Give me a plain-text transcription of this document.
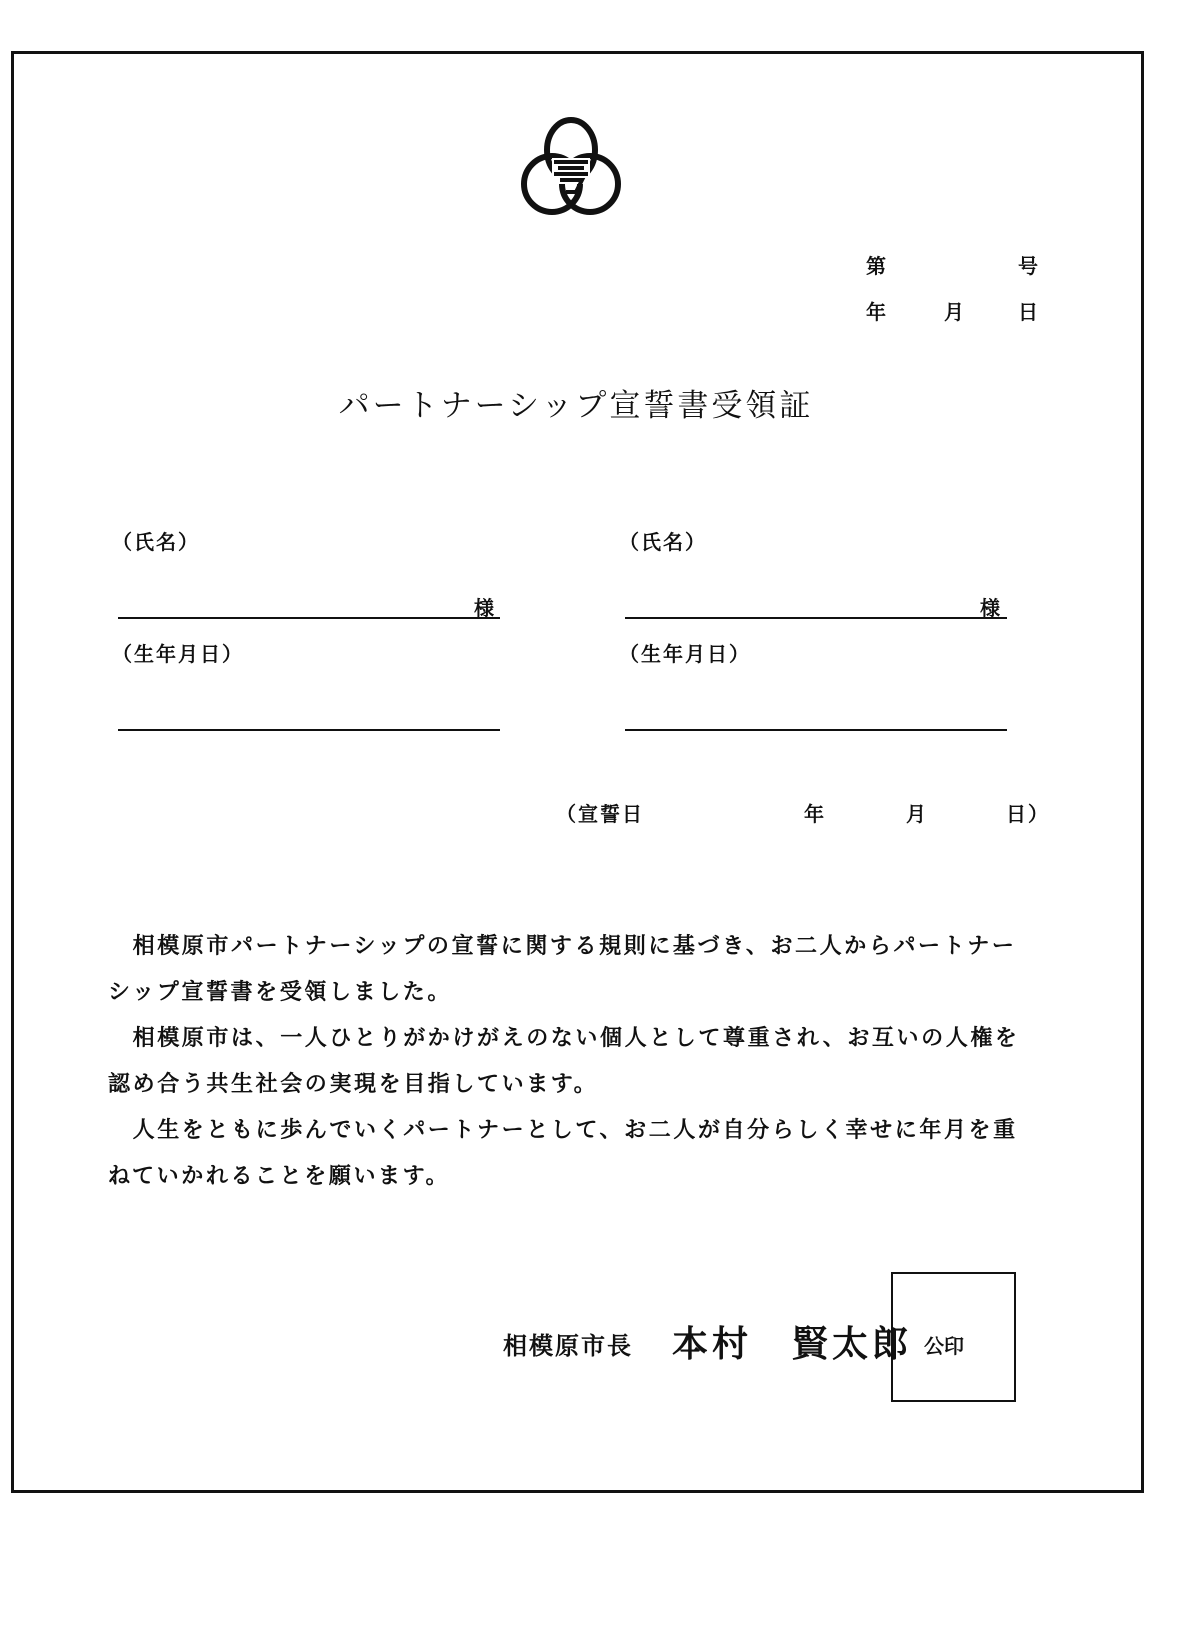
第	号
年	月	日
パートナーシップ宣誓書受領証
（氏名）
様
（生年月日）
（氏名）
様
（生年月日）
（宣誓日	年	月	日）
　相模原市パートナーシップの宣誓に関する規則に基づき、お二人からパートナー
シップ宣誓書を受領しました。
　相模原市は、一人ひとりがかけがえのない個人として尊重され、お互いの人権を
認め合う共生社会の実現を目指しています。
　人生をともに歩んでいくパートナーとして、お二人が自分らしく幸せに年月を重
ねていかれることを願います。
相模原市長 本村　賢太郎 公印
